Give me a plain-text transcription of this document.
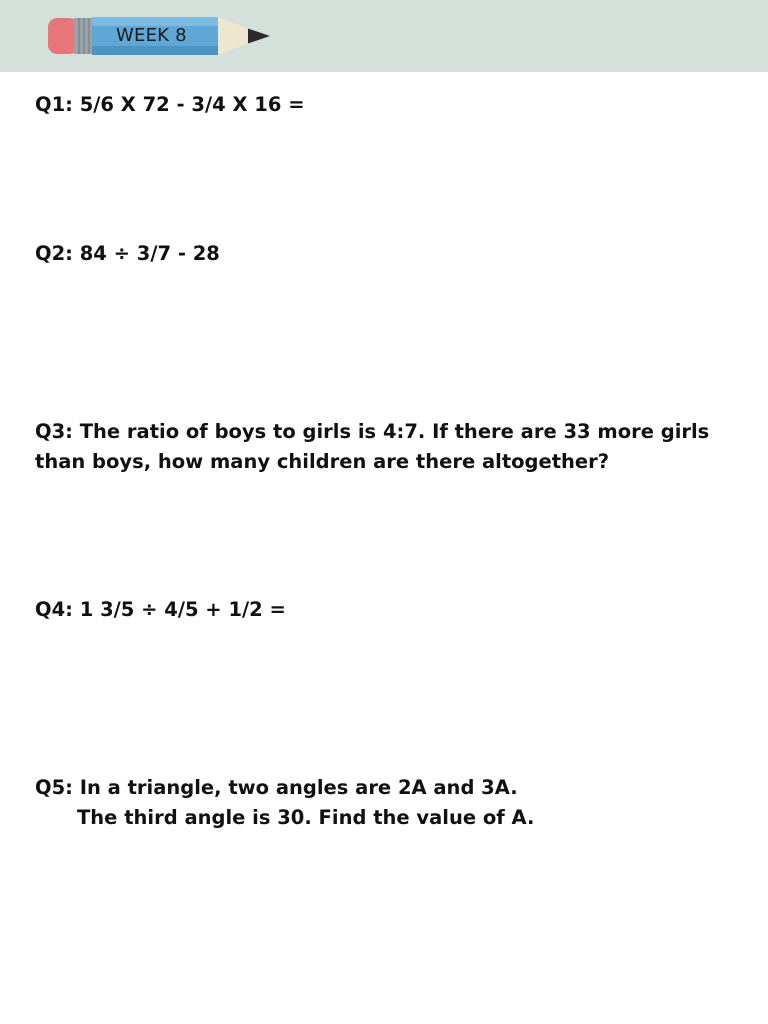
WEEK 8

Q1: 5/6 X 72 - 3/4 X 16 =

Q2: 84 ÷ 3/7 - 28

Q3: The ratio of boys to girls is 4:7. If there are 33 more girls
than boys, how many children are there altogether?

Q4: 1 3/5 ÷ 4/5 + 1/2 =

Q5: In a triangle, two angles are 2A and 3A.
The third angle is 30. Find the value of A.
